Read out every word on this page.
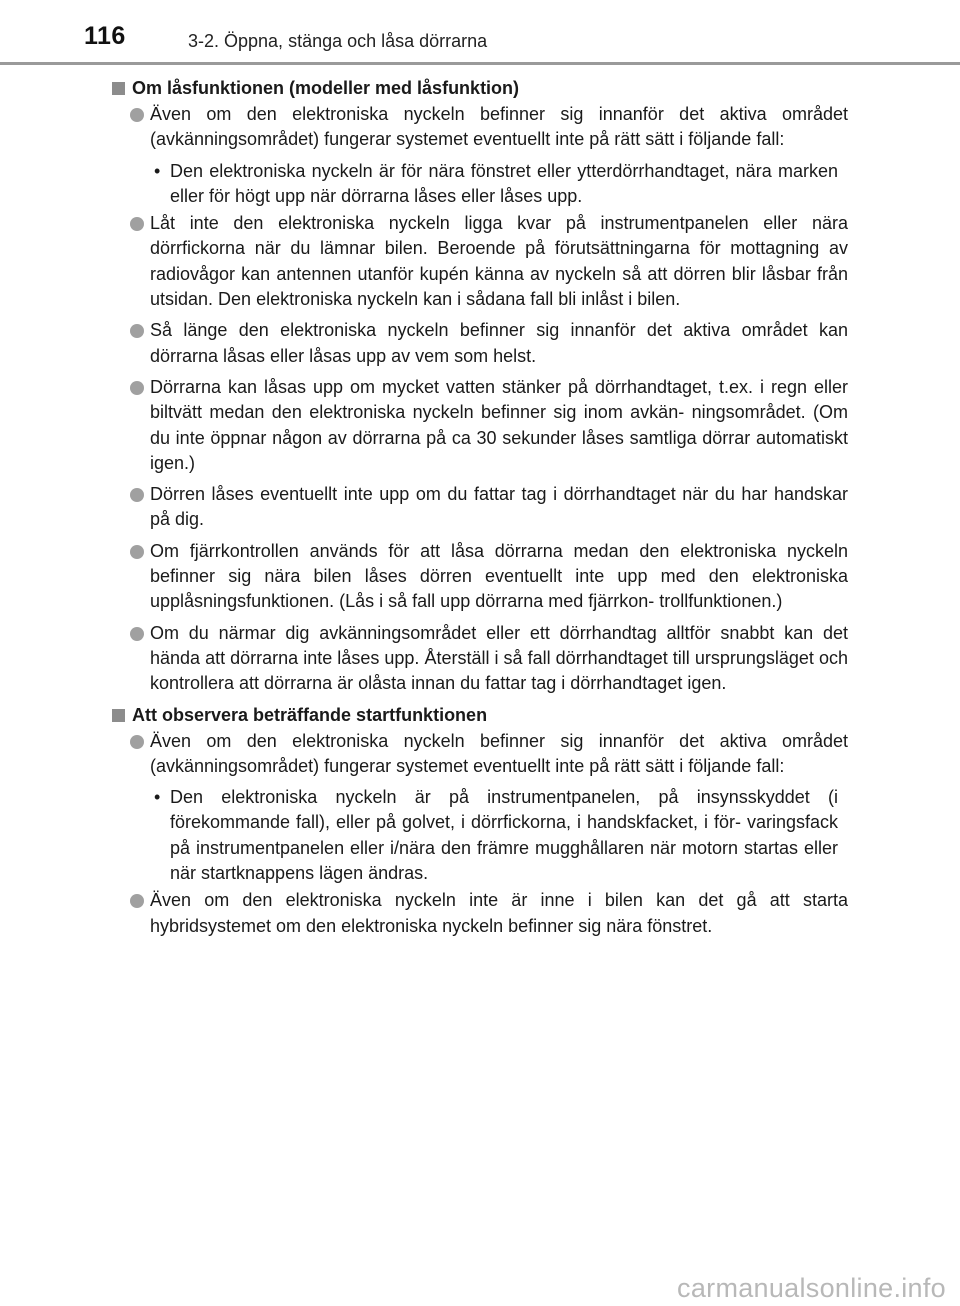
116	3-2. Öppna, stänga och låsa dörrarna
Om låsfunktionen (modeller med låsfunktion)
Även om den elektroniska nyckeln befinner sig innanför det aktiva området (avkänningsområdet) fungerar systemet eventuellt inte på rätt sätt i följande fall:
• Den elektroniska nyckeln är för nära fönstret eller ytterdörrhandtaget, nära marken eller för högt upp när dörrarna låses eller låses upp.
Låt inte den elektroniska nyckeln ligga kvar på instrumentpanelen eller nära dörrfickorna när du lämnar bilen. Beroende på förutsättningarna för mottagning av radiovågor kan antennen utanför kupén känna av nyckeln så att dörren blir låsbar från utsidan. Den elektroniska nyckeln kan i sådana fall bli inlåst i bilen.
Så länge den elektroniska nyckeln befinner sig innanför det aktiva området kan dörrarna låsas eller låsas upp av vem som helst.
Dörrarna kan låsas upp om mycket vatten stänker på dörrhandtaget, t.ex. i regn eller biltvätt medan den elektroniska nyckeln befinner sig inom avkän- ningsområdet. (Om du inte öppnar någon av dörrarna på ca 30 sekunder låses samtliga dörrar automatiskt igen.)
Dörren låses eventuellt inte upp om du fattar tag i dörrhandtaget när du har handskar på dig.
Om fjärrkontrollen används för att låsa dörrarna medan den elektroniska nyckeln befinner sig nära bilen låses dörren eventuellt inte upp med den elektroniska upplåsningsfunktionen. (Lås i så fall upp dörrarna med fjärrkon- trollfunktionen.)
Om du närmar dig avkänningsområdet eller ett dörrhandtag alltför snabbt kan det hända att dörrarna inte låses upp. Återställ i så fall dörrhandtaget till ursprungsläget och kontrollera att dörrarna är olåsta innan du fattar tag i dörrhandtaget igen.
Att observera beträffande startfunktionen
Även om den elektroniska nyckeln befinner sig innanför det aktiva området (avkänningsområdet) fungerar systemet eventuellt inte på rätt sätt i följande fall:
• Den elektroniska nyckeln är på instrumentpanelen, på insynsskyddet (i förekommande fall), eller på golvet, i dörrfickorna, i handskfacket, i för- varingsfack på instrumentpanelen eller i/nära den främre mugghållaren när motorn startas eller när startknappens lägen ändras.
Även om den elektroniska nyckeln inte är inne i bilen kan det gå att starta hybridsystemet om den elektroniska nyckeln befinner sig nära fönstret.
carmanualsonline.info
